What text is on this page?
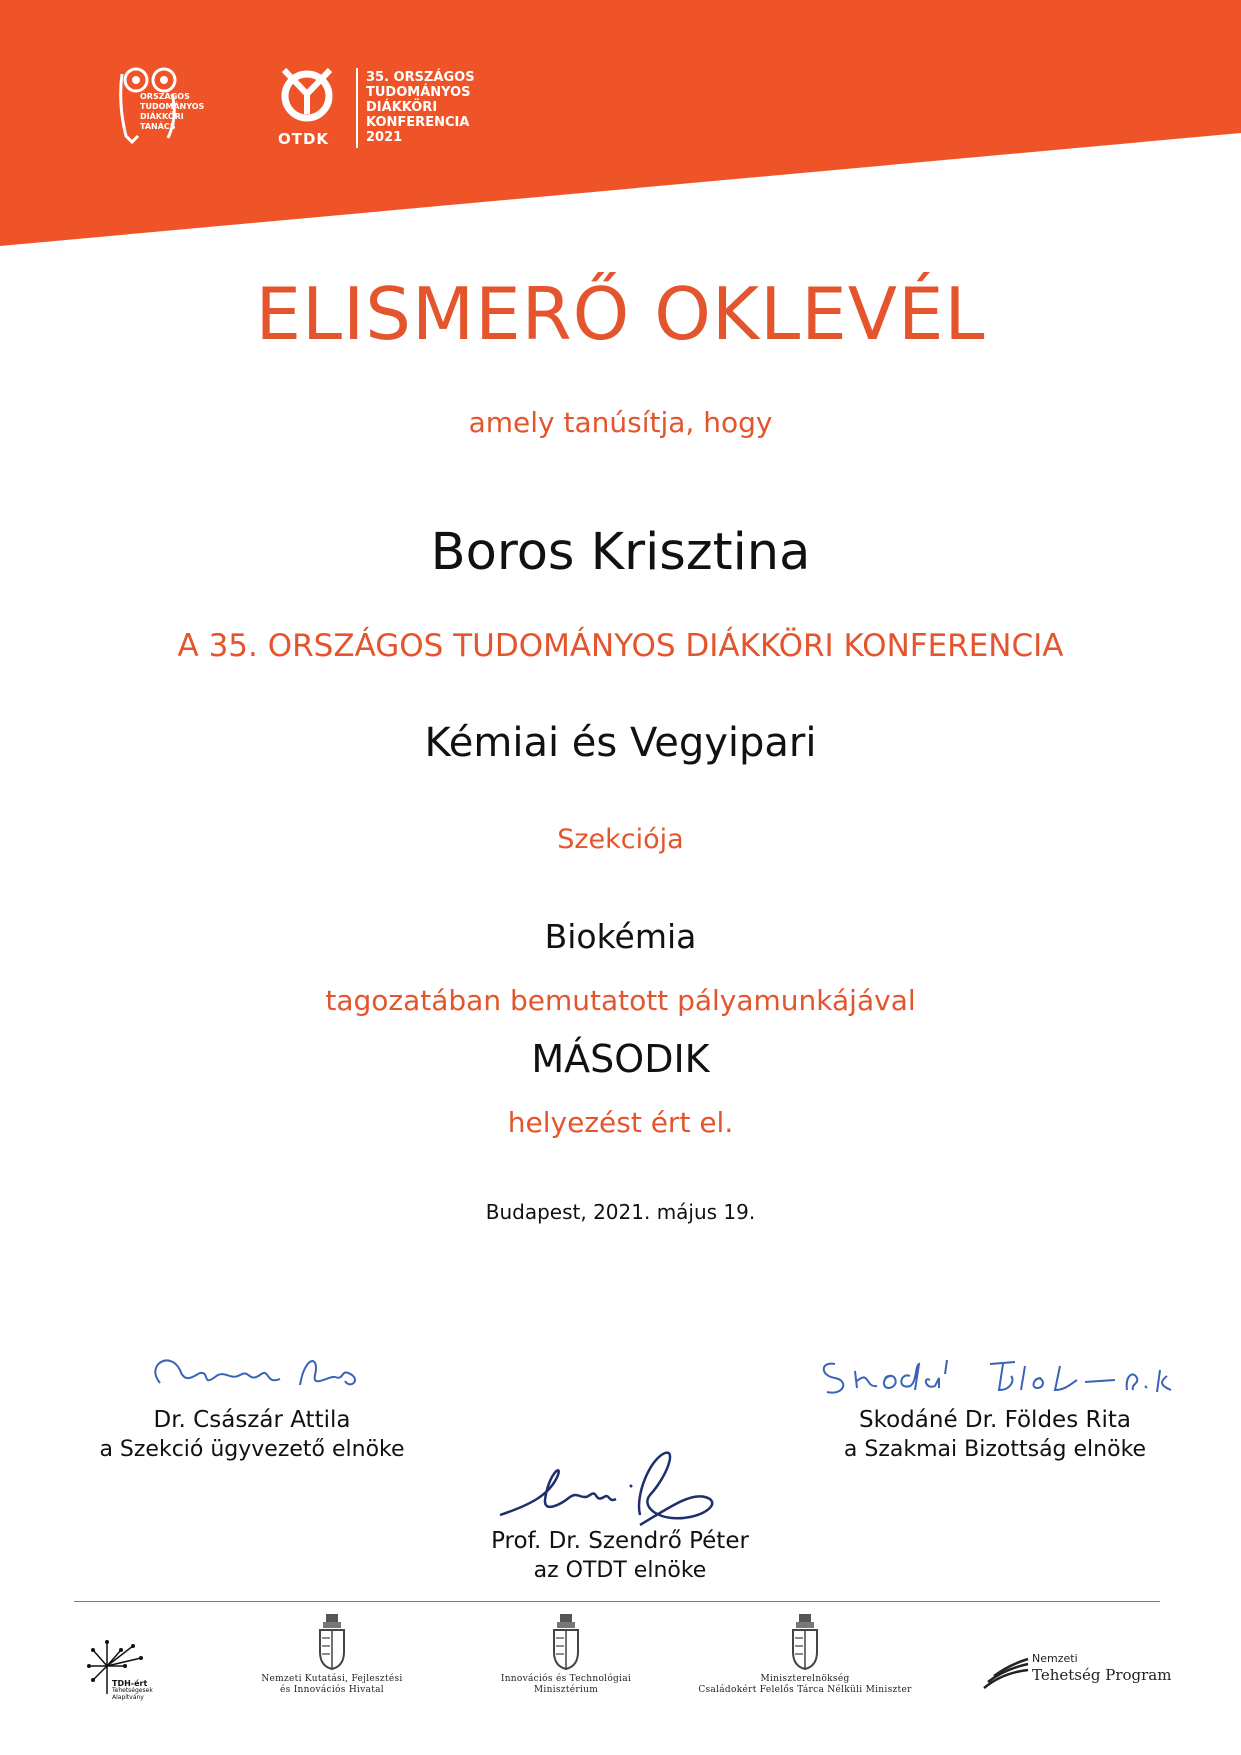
ORSZÁGOS
TUDOMÁNYOS
DIÁKKÖRI
TANÁCS
OTDK
35. ORSZÁGOS
TUDOMÁNYOS
DIÁKKÖRI
KONFERENCIA
2021
ELISMERŐ OKLEVÉL
amely tanúsítja, hogy
Boros Krisztina
A 35. ORSZÁGOS TUDOMÁNYOS DIÁKKÖRI KONFERENCIA
Kémiai és Vegyipari
Szekciója
Biokémia
tagozatában bemutatott pályamunkájával
MÁSODIK
helyezést ért el.
Budapest, 2021. május 19.
Dr. Császár Attila
a Szekció ügyvezető elnöke
Skodáné Dr. Földes Rita
a Szakmai Bizottság elnöke
Prof. Dr. Szendrő Péter
az OTDT elnöke
TDH-ért
Tehetségesek
Alapítvány
Nemzeti Kutatási, Fejlesztési
és Innovációs Hivatal
Innovációs és Technológiai
Minisztérium
Miniszterelnökség
Családokért Felelős Tárca Nélküli Miniszter
Nemzeti
Tehetség Program
